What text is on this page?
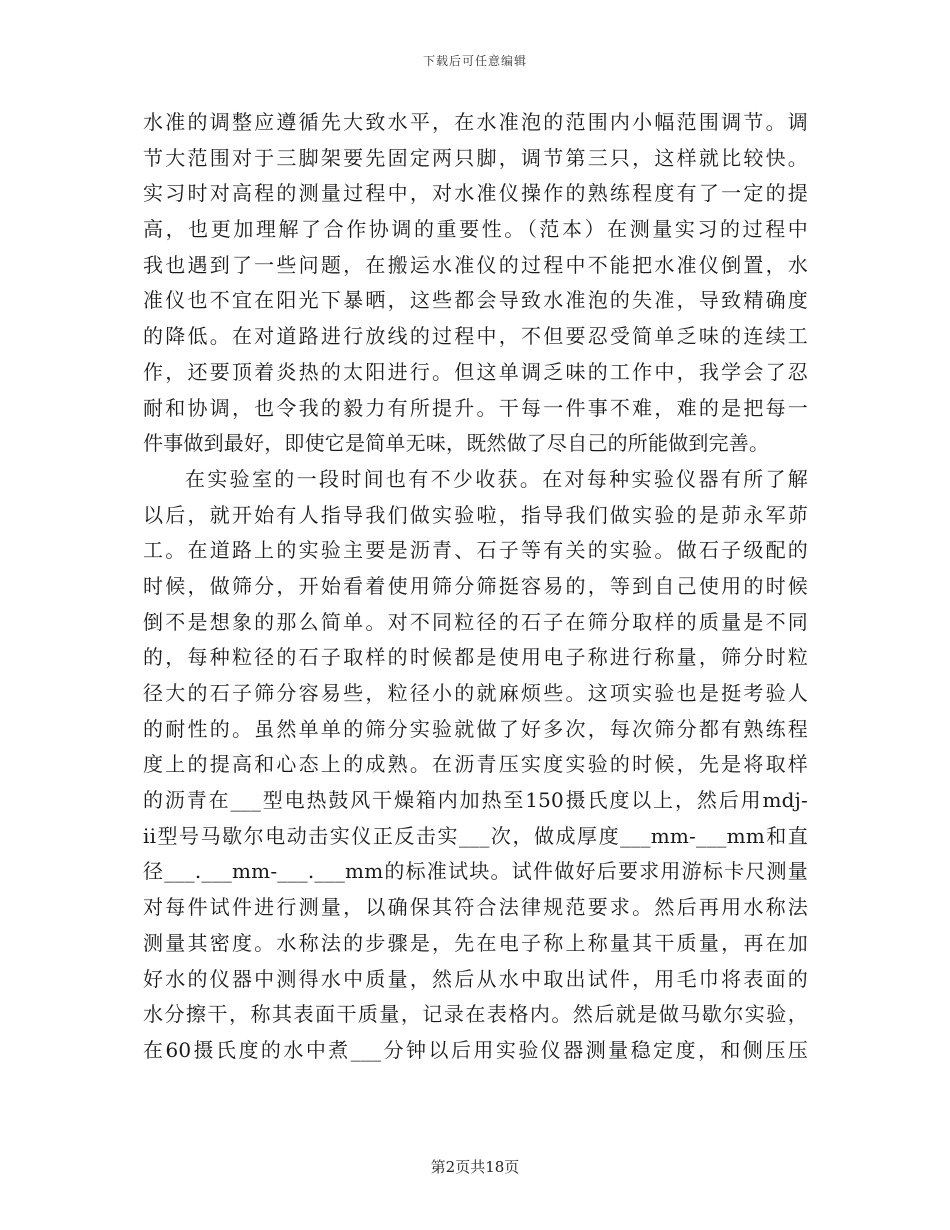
下载后可任意编辑
水准的调整应遵循先大致水平，在水准泡的范围内小幅范围调节。调
节大范围对于三脚架要先固定两只脚，调节第三只，这样就比较快。
实习时对高程的测量过程中，对水准仪操作的熟练程度有了一定的提
高，也更加理解了合作协调的重要性。（范本）在测量实习的过程中
我也遇到了一些问题，在搬运水准仪的过程中不能把水准仪倒置，水
准仪也不宜在阳光下暴晒，这些都会导致水准泡的失准，导致精确度
的降低。在对道路进行放线的过程中，不但要忍受简单乏味的连续工
作，还要顶着炎热的太阳进行。但这单调乏味的工作中，我学会了忍
耐和协调，也令我的毅力有所提升。干每一件事不难，难的是把每一
件事做到最好，即使它是简单无味，既然做了尽自己的所能做到完善。
在实验室的一段时间也有不少收获。在对每种实验仪器有所了解
以后，就开始有人指导我们做实验啦，指导我们做实验的是茆永军茆
工。在道路上的实验主要是沥青、石子等有关的实验。做石子级配的
时候，做筛分，开始看着使用筛分筛挺容易的，等到自己使用的时候
倒不是想象的那么简单。对不同粒径的石子在筛分取样的质量是不同
的，每种粒径的石子取样的时候都是使用电子称进行称量，筛分时粒
径大的石子筛分容易些，粒径小的就麻烦些。这项实验也是挺考验人
的耐性的。虽然单单的筛分实验就做了好多次，每次筛分都有熟练程
度上的提高和心态上的成熟。在沥青压实度实验的时候，先是将取样
的沥青在___型电热鼓风干燥箱内加热至150摄氏度以上，然后用mdj-
ii型号马歇尔电动击实仪正反击实___次，做成厚度___mm-___mm和直
径___.___mm-___.___mm的标准试块。试件做好后要求用游标卡尺测量
对每件试件进行测量，以确保其符合法律规范要求。然后再用水称法
测量其密度。水称法的步骤是，先在电子称上称量其干质量，再在加
好水的仪器中测得水中质量，然后从水中取出试件，用毛巾将表面的
水分擦干，称其表面干质量，记录在表格内。然后就是做马歇尔实验，
在60摄氏度的水中煮___分钟以后用实验仪器测量稳定度，和侧压压
第2页共18页
